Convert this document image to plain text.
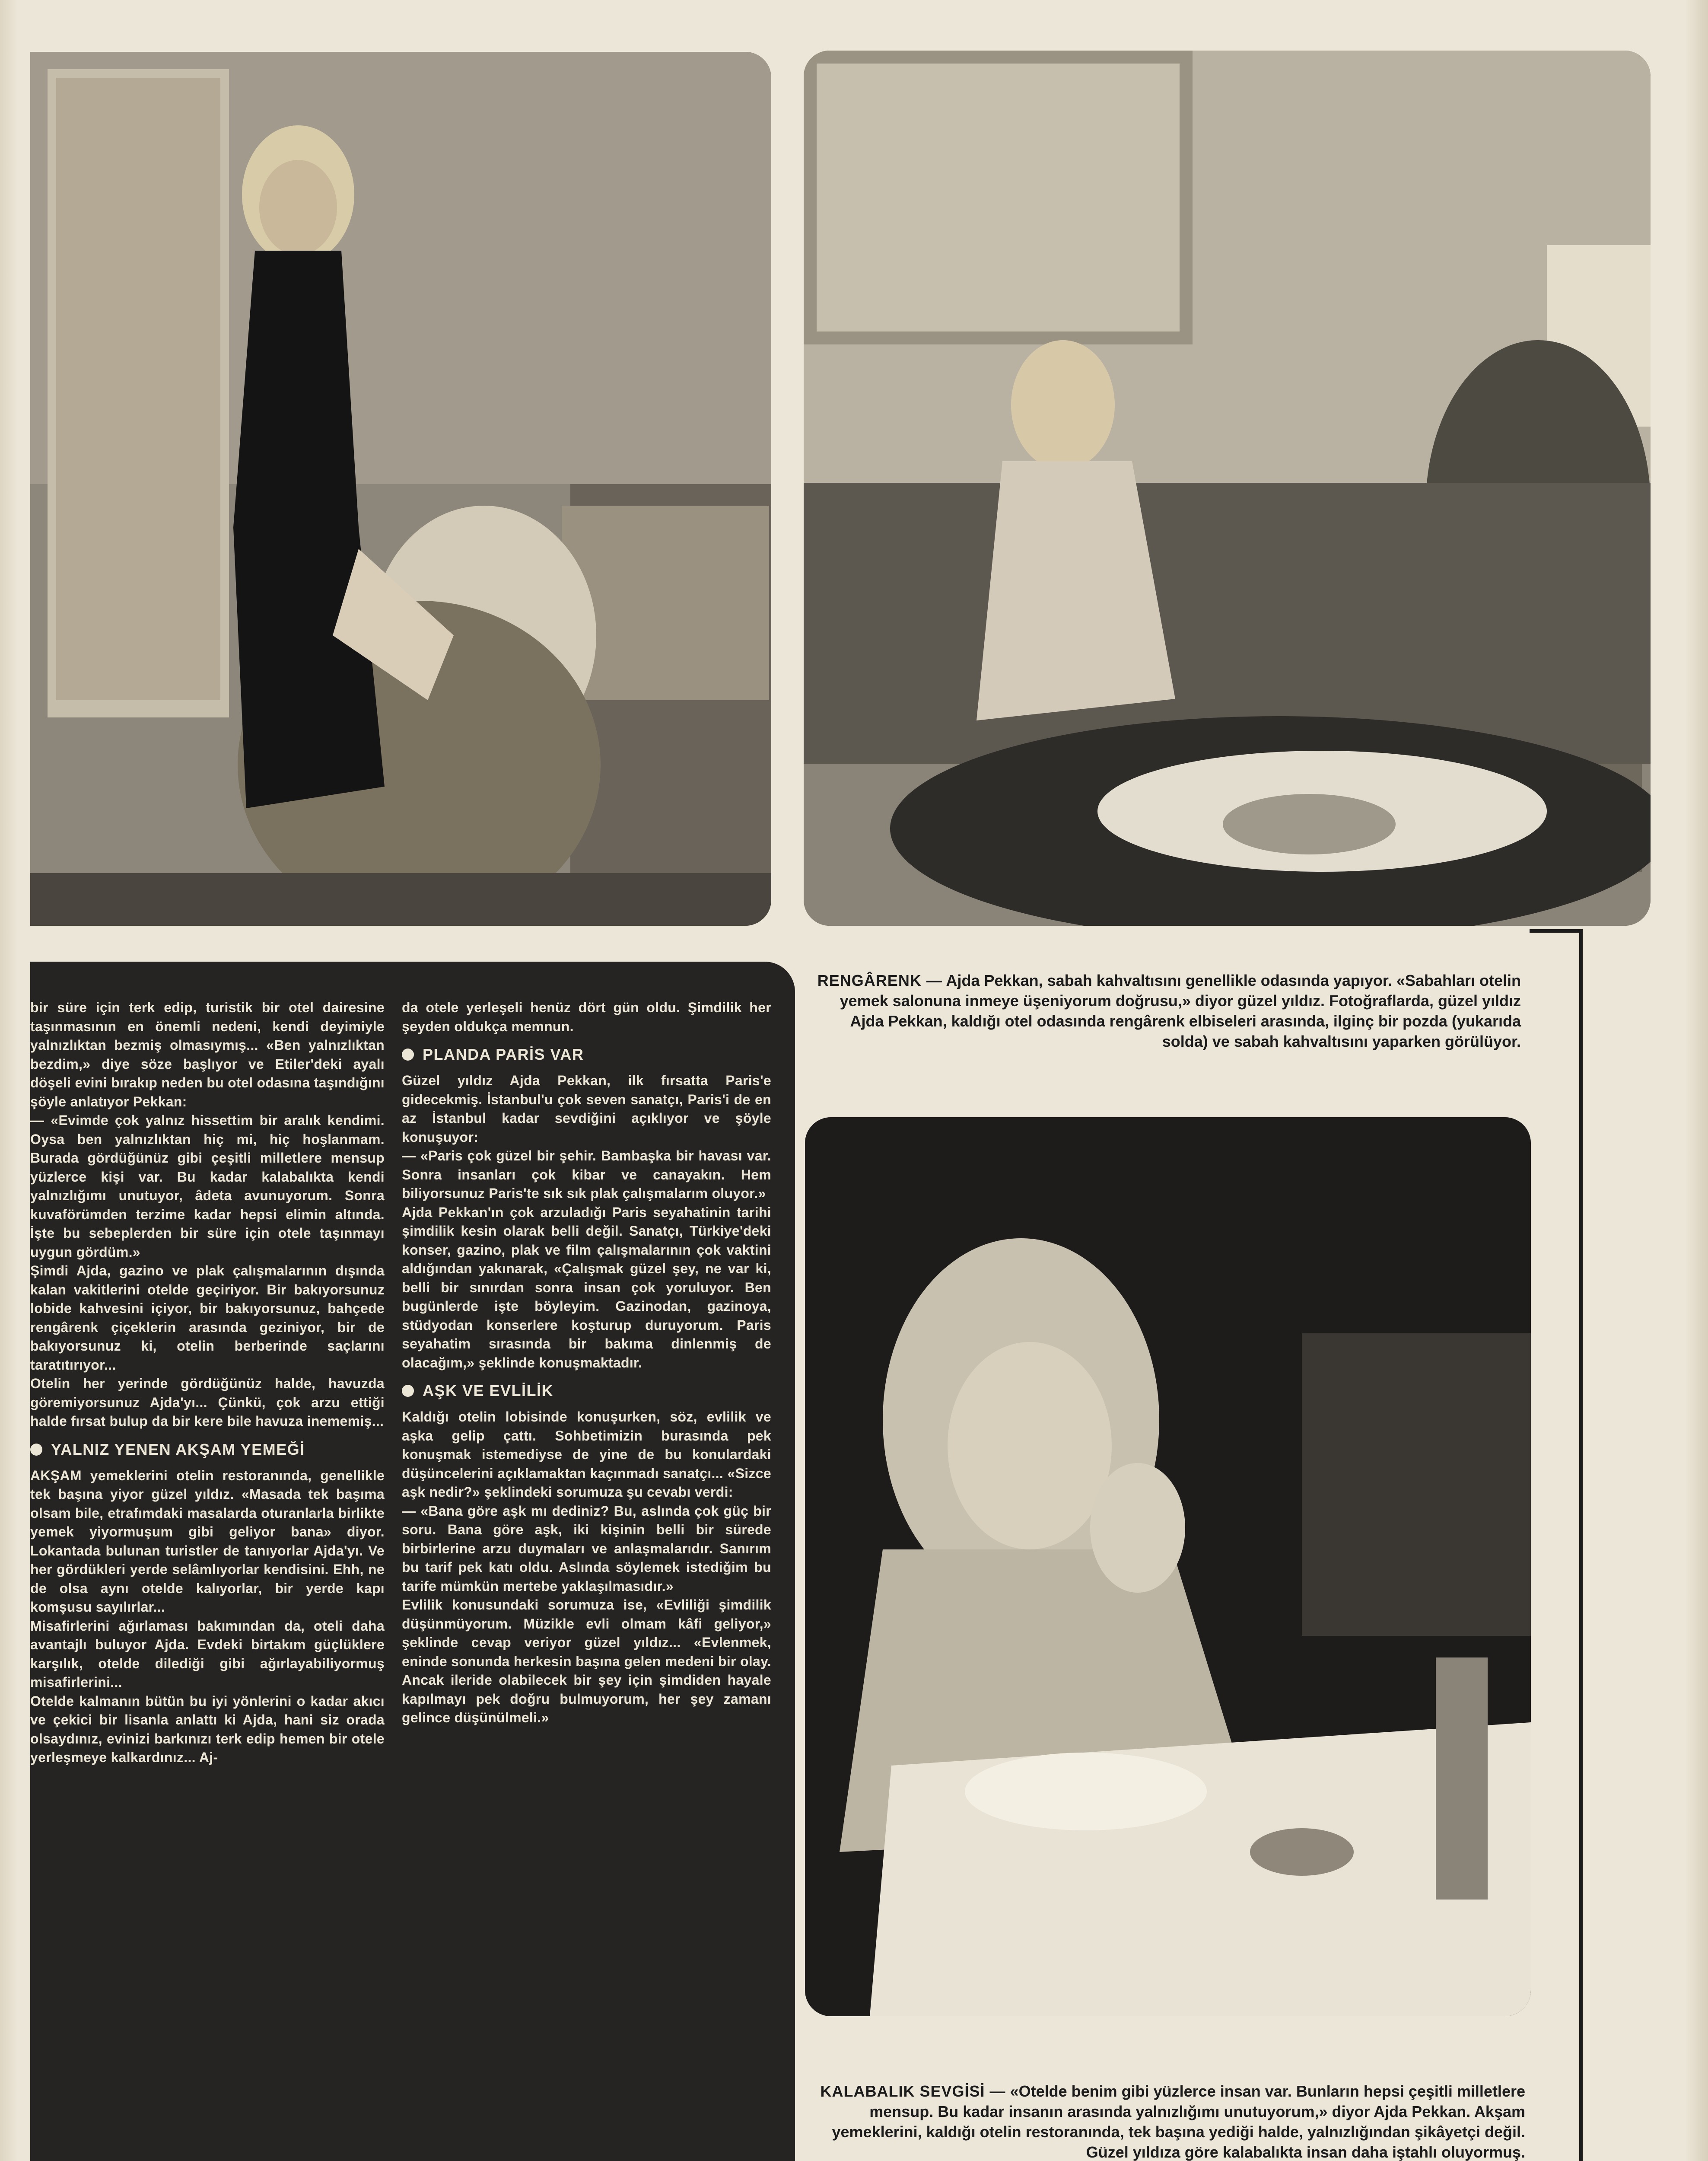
bir süre için terk edip, turistik bir otel dairesine taşınmasının en önemli nedeni, kendi deyimiyle yalnızlıktan bezmiş olmasıymış... «Ben yalnızlıktan bezdim,» diye söze başlıyor ve Etiler'deki ayalı döşeli evini bırakıp neden bu otel odasına taşındığını şöyle anlatıyor Pekkan:

— «Evimde çok yalnız hissettim bir aralık kendimi. Oysa ben yalnızlıktan hiç mi, hiç hoşlanmam. Burada gördüğünüz gibi çeşitli milletlere mensup yüzlerce kişi var. Bu kadar kalabalıkta kendi yalnızlığımı unutuyor, âdeta avunuyorum. Sonra kuvaförümden terzime kadar hepsi elimin altında. İşte bu sebeplerden bir süre için otele taşınmayı uygun gördüm.»

Şimdi Ajda, gazino ve plak çalışmalarının dışında kalan vakitlerini otelde geçiriyor. Bir bakıyorsunuz lobide kahvesini içiyor, bir bakıyorsunuz, bahçede rengârenk çiçeklerin arasında geziniyor, bir de bakıyorsunuz ki, otelin berberinde saçlarını taratıtırıyor...

Otelin her yerinde gördüğünüz halde, havuzda göremiyorsunuz Ajda'yı... Çünkü, çok arzu ettiği halde fırsat bulup da bir kere bile havuza inememiş...

YALNIZ YENEN AKŞAM YEMEĞİ

AKŞAM yemeklerini otelin restoranında, genellikle tek başına yiyor güzel yıldız. «Masada tek başıma olsam bile, etrafımdaki masalarda oturanlarla birlikte yemek yiyormuşum gibi geliyor bana» diyor. Lokantada bulunan turistler de tanıyorlar Ajda'yı. Ve her gördükleri yerde selâmlıyorlar kendisini. Ehh, ne de olsa aynı otelde kalıyorlar, bir yerde kapı komşusu sayılırlar...

Misafirlerini ağırlaması bakımından da, oteli daha avantajlı buluyor Ajda. Evdeki birtakım güçlüklere karşılık, otelde dilediği gibi ağırlayabiliyormuş misafirlerini...

Otelde kalmanın bütün bu iyi yönlerini o kadar akıcı ve çekici bir lisanla anlattı ki Ajda, hani siz orada olsaydınız, evinizi barkınızı terk edip hemen bir otele yerleşmeye kalkardınız... Aj-

da otele yerleşeli henüz dört gün oldu. Şimdilik her şeyden oldukça memnun.

PLANDA PARİS VAR

Güzel yıldız Ajda Pekkan, ilk fırsatta Paris'e gidecekmiş. İstanbul'u çok seven sanatçı, Paris'i de en az İstanbul kadar sevdiğini açıklıyor ve şöyle konuşuyor:

— «Paris çok güzel bir şehir. Bambaşka bir havası var. Sonra insanları çok kibar ve canayakın. Hem biliyorsunuz Paris'te sık sık plak çalışmalarım oluyor.»

Ajda Pekkan'ın çok arzuladığı Paris seyahatinin tarihi şimdilik kesin olarak belli değil. Sanatçı, Türkiye'deki konser, gazino, plak ve film çalışmalarının çok vaktini aldığından yakınarak, «Çalışmak güzel şey, ne var ki, belli bir sınırdan sonra insan çok yoruluyor. Ben bugünlerde işte böyleyim. Gazinodan, gazinoya, stüdyodan konserlere koşturup duruyorum. Paris seyahatim sırasında bir bakıma dinlenmiş de olacağım,» şeklinde konuşmaktadır.

AŞK VE EVLİLİK

Kaldığı otelin lobisinde konuşurken, söz, evlilik ve aşka gelip çattı. Sohbetimizin burasında pek konuşmak istemediyse de yine de bu konulardaki düşüncelerini açıklamaktan kaçınmadı sanatçı... «Sizce aşk nedir?» şeklindeki sorumuza şu cevabı verdi:

— «Bana göre aşk mı dediniz? Bu, aslında çok güç bir soru. Bana göre aşk, iki kişinin belli bir sürede birbirlerine arzu duymaları ve anlaşmalarıdır. Sanırım bu tarif pek katı oldu. Aslında söylemek istediğim bu tarife mümkün mertebe yaklaşılmasıdır.»

Evlilik konusundaki sorumuza ise, «Evliliği şimdilik düşünmüyorum. Müzikle evli olmam kâfi geliyor,» şeklinde cevap veriyor güzel yıldız... «Evlenmek, eninde sonunda herkesin başına gelen medeni bir olay. Ancak ileride olabilecek bir şey için şimdiden hayale kapılmayı pek doğru bulmuyorum, her şey zamanı gelince düşünülmeli.»

RENGÂRENK — Ajda Pekkan, sabah kahvaltısını genellikle odasında yapıyor. «Sabahları otelin yemek salonuna inmeye üşeniyorum doğrusu,» diyor güzel yıldız. Fotoğraflarda, güzel yıldız Ajda Pekkan, kaldığı otel odasında rengârenk elbiseleri arasında, ilginç bir pozda (yukarıda solda) ve sabah kahvaltısını yaparken görülüyor.
KALABALIK SEVGİSİ — «Otelde benim gibi yüzlerce insan var. Bunların hepsi çeşitli milletlere mensup. Bu kadar insanın arasında yalnızlığımı unutuyorum,» diyor Ajda Pekkan. Akşam yemeklerini, kaldığı otelin restoranında, tek başına yediği halde, yalnızlığından şikâyetçi değil. Güzel yıldıza göre kalabalıkta insan daha iştahlı oluyormuş.
